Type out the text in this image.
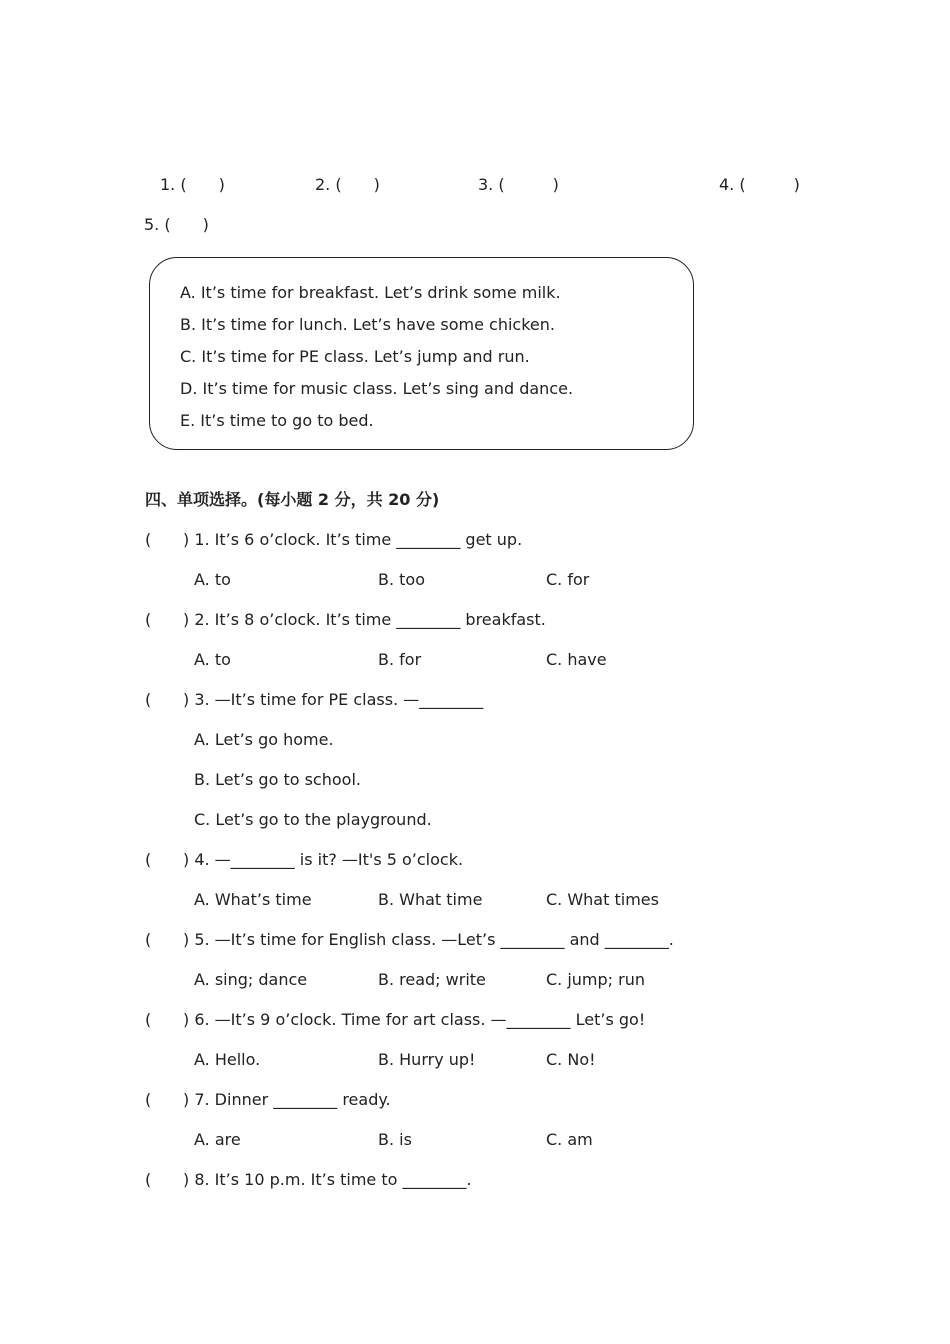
1. (　　)	2. (　　)	3. (　　　)	4. (　　　)
5. (　　)
A. It’s time for breakfast. Let’s drink some milk.
B. It’s time for lunch. Let’s have some chicken.
C. It’s time for PE class. Let’s jump and run.
D. It’s time for music class. Let’s sing and dance.
E. It’s time to go to bed.
四、单项选择。(每小题 2 分，共 20 分)
( ) 1. It’s 6 o’clock. It’s time ________ get up.
A. to	B. too	C. for
( ) 2. It’s 8 o’clock. It’s time ________ breakfast.
A. to	B. for	C. have
( ) 3. —It’s time for PE class. —________
A. Let’s go home.
B. Let’s go to school.
C. Let’s go to the playground.
( ) 4. —________ is it? —It's 5 o’clock.
A. What’s time	B. What time	C. What times
( ) 5. —It’s time for English class. —Let’s ________ and ________.
A. sing; dance	B. read; write	C. jump; run
( ) 6. —It’s 9 o’clock. Time for art class. —________ Let’s go!
A. Hello.	B. Hurry up!	C. No!
( ) 7. Dinner ________ ready.
A. are	B. is	C. am
( ) 8. It’s 10 p.m. It’s time to ________.
